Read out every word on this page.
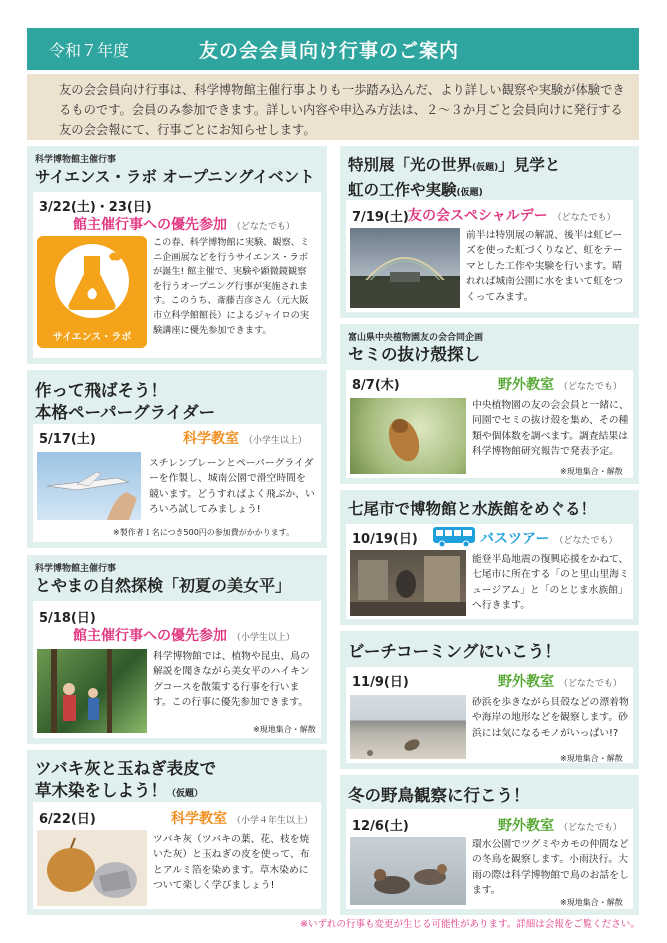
令和７年度	友の会会員向け行事のご案内
友の会会員向け行事は、科学博物館主催行事よりも一歩踏み込んだ、より詳しい観察や実験が体験できるものです。会員のみ参加できます。詳しい内容や申込み方法は、２～３か月ごと会員向けに発行する友の会会報にて、行事ごとにお知らせします。
科学博物館主催行事
サイエンス・ラボ オープニングイベント
3/22(土)・23(日)
館主催行事への優先参加 （どなたでも）
サイエンス・ラボ
この春、科学博物館に実験、観察、ミニ企画展などを行うサイエンス・ラボが誕生! 館主催で、実験や顕微鏡観察を行うオープニング行事が実施されます。このうち、斎藤吉彦さん（元大阪市立科学館館長）によるジャイロの実験講座に優先参加できます。
作って飛ばそう！
本格ペーパーグライダー
5/17(土)	科学教室 （小学生以上）
スチレンブレーンとペーパーグライダーを作製し、城南公園で滑空時間を競います。どうすればよく飛ぶか、いろいろ試してみましょう!
※製作者１名につき500円の参加費がかかります。
科学博物館主催行事
とやまの自然探検「初夏の美女平」
5/18(日)
館主催行事への優先参加 （小学生以上）
科学博物館では、植物や昆虫、鳥の解説を聞きながら美女平のハイキングコースを散策する行事を行います。この行事に優先参加できます。
※現地集合・解散
ツバキ灰と玉ねぎ表皮で
草木染をしよう！（仮題）
6/22(日)	科学教室 （小学４年生以上）
ツバキ灰（ツバキの葉、花、枝を焼いた灰）と玉ねぎの皮を使って、布とアルミ箔を染めます。草木染めについて楽しく学びましょう!
特別展「光の世界(仮題)」見学と
虹の工作や実験(仮題)
7/19(土) 友の会スペシャルデー （どなたでも）
前半は特別展の解説、後半は虹ビーズを使った虹づくりなど、虹をテーマとした工作や実験を行います。晴れれば城南公園に水をまいて虹をつくってみます。
富山県中央植物園友の会合同企画
セミの抜け殻探し
8/7(木)	野外教室 （どなたでも）
中央植物園の友の会会員と一緒に、同園でセミの抜け殻を集め、その種類や個体数を調べます。調査結果は科学博物館研究報告で発表予定。
※現地集合・解散
七尾市で博物館と水族館をめぐる！
10/19(日)	バスツアー （どなたでも）
能登半島地震の復興応援をかねて、七尾市に所在する「のと里山里海ミュージアム」と「のとじま水族館」へ行きます。
ビーチコーミングにいこう！
11/9(日)	野外教室 （どなたでも）
砂浜を歩きながら貝殻などの漂着物や海岸の地形などを観察します。砂浜には気になるモノがいっぱい!?
※現地集合・解散
冬の野鳥観察に行こう！
12/6(土)	野外教室 （どなたでも）
環水公園でツグミやカモの仲間などの冬鳥を観察します。小雨決行。大雨の際は科学博物館で鳥のお話をします。
※現地集合・解散
※いずれの行事も変更が生じる可能性があります。詳細は会報をご覧ください。
